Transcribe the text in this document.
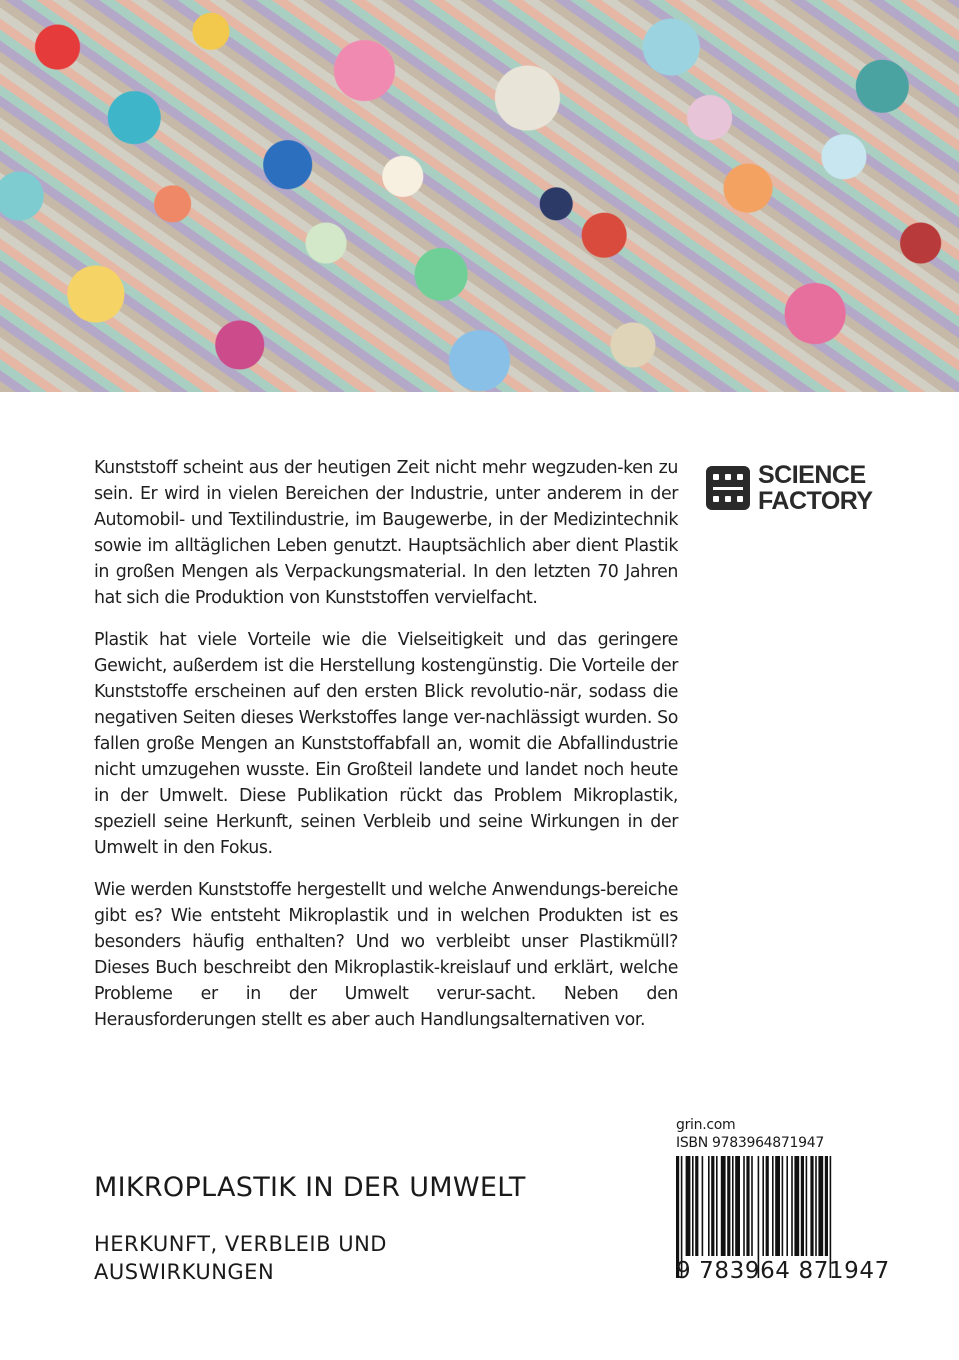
SCIENCE
FACTORY

Kunststoff scheint aus der heutigen Zeit nicht mehr wegzuden-ken zu sein. Er wird in vielen Bereichen der Industrie, unter anderem in der Automobil- und Textilindustrie, im Baugewerbe, in der Medizintechnik sowie im alltäglichen Leben genutzt. Hauptsächlich aber dient Plastik in großen Mengen als Verpackungsmaterial. In den letzten 70 Jahren hat sich die Produktion von Kunststoffen vervielfacht.

Plastik hat viele Vorteile wie die Vielseitigkeit und das geringere Gewicht, außerdem ist die Herstellung kostengünstig. Die Vorteile der Kunststoffe erscheinen auf den ersten Blick revolutio-när, sodass die negativen Seiten dieses Werkstoffes lange ver-nachlässigt wurden. So fallen große Mengen an Kunststoffabfall an, womit die Abfallindustrie nicht umzugehen wusste. Ein Großteil landete und landet noch heute in der Umwelt. Diese Publikation rückt das Problem Mikroplastik, speziell seine Herkunft, seinen Verbleib und seine Wirkungen in der Umwelt in den Fokus.

Wie werden Kunststoffe hergestellt und welche Anwendungs-bereiche gibt es? Wie entsteht Mikroplastik und in welchen Produkten ist es besonders häufig enthalten? Und wo verbleibt unser Plastikmüll? Dieses Buch beschreibt den Mikroplastik-kreislauf und erklärt, welche Probleme er in der Umwelt verur-sacht. Neben den Herausforderungen stellt es aber auch Handlungsalternativen vor.

grin.com
ISBN 9783964871947
9 783964 871947
MIKROPLASTIK IN DER UMWELT
HERKUNFT, VERBLEIB UND AUSWIRKUNGEN
